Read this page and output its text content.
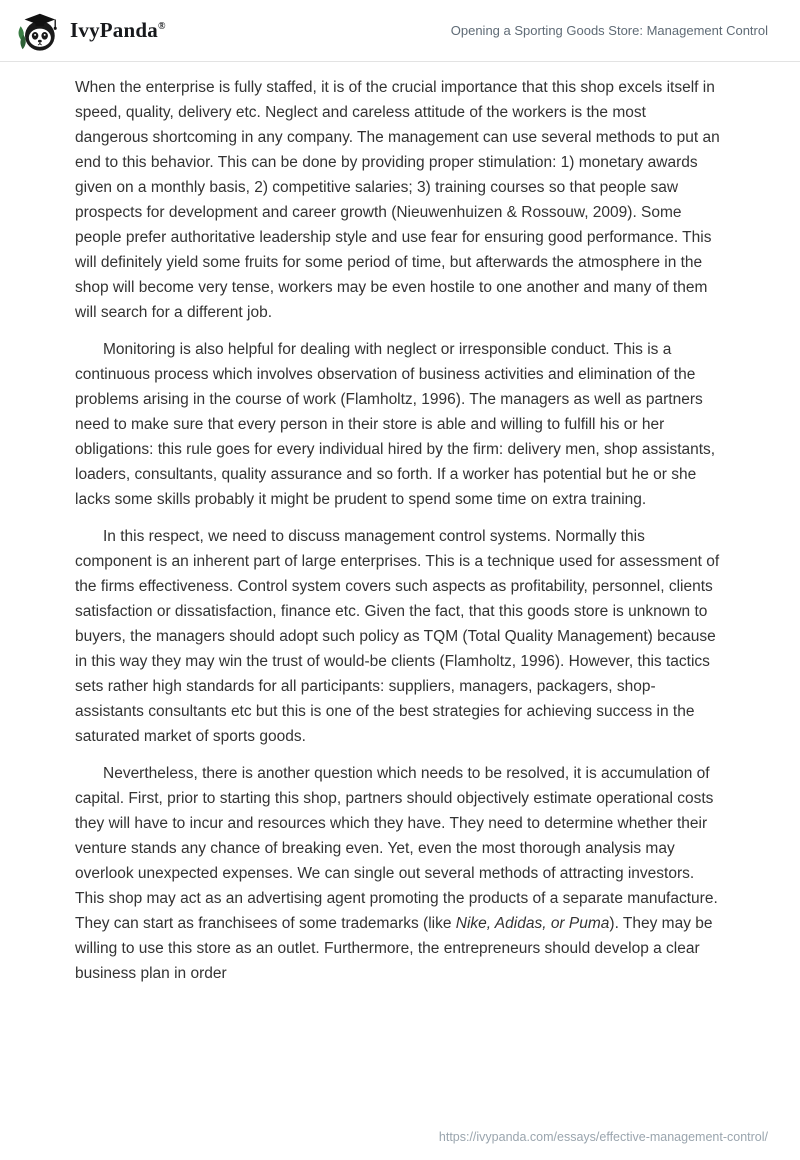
IvyPanda®	Opening a Sporting Goods Store: Management Control

When the enterprise is fully staffed, it is of the crucial importance that this shop excels itself in speed, quality, delivery etc. Neglect and careless attitude of the workers is the most dangerous shortcoming in any company. The management can use several methods to put an end to this behavior. This can be done by providing proper stimulation: 1) monetary awards given on a monthly basis, 2) competitive salaries; 3) training courses so that people saw prospects for development and career growth (Nieuwenhuizen & Rossouw, 2009). Some people prefer authoritative leadership style and use fear for ensuring good performance. This will definitely yield some fruits for some period of time, but afterwards the atmosphere in the shop will become very tense, workers may be even hostile to one another and many of them will search for a different job.

Monitoring is also helpful for dealing with neglect or irresponsible conduct. This is a continuous process which involves observation of business activities and elimination of the problems arising in the course of work (Flamholtz, 1996). The managers as well as partners need to make sure that every person in their store is able and willing to fulfill his or her obligations: this rule goes for every individual hired by the firm: delivery men, shop assistants, loaders, consultants, quality assurance and so forth. If a worker has potential but he or she lacks some skills probably it might be prudent to spend some time on extra training.

In this respect, we need to discuss management control systems. Normally this component is an inherent part of large enterprises. This is a technique used for assessment of the firms effectiveness. Control system covers such aspects as profitability, personnel, clients satisfaction or dissatisfaction, finance etc. Given the fact, that this goods store is unknown to buyers, the managers should adopt such policy as TQM (Total Quality Management) because in this way they may win the trust of would-be clients (Flamholtz, 1996). However, this tactics sets rather high standards for all participants: suppliers, managers, packagers, shop-assistants consultants etc but this is one of the best strategies for achieving success in the saturated market of sports goods.

Nevertheless, there is another question which needs to be resolved, it is accumulation of capital. First, prior to starting this shop, partners should objectively estimate operational costs they will have to incur and resources which they have. They need to determine whether their venture stands any chance of breaking even. Yet, even the most thorough analysis may overlook unexpected expenses. We can single out several methods of attracting investors. This shop may act as an advertising agent promoting the products of a separate manufacture. They can start as franchisees of some trademarks (like Nike, Adidas, or Puma). They may be willing to use this store as an outlet. Furthermore, the entrepreneurs should develop a clear business plan in order

https://ivypanda.com/essays/effective-management-control/
